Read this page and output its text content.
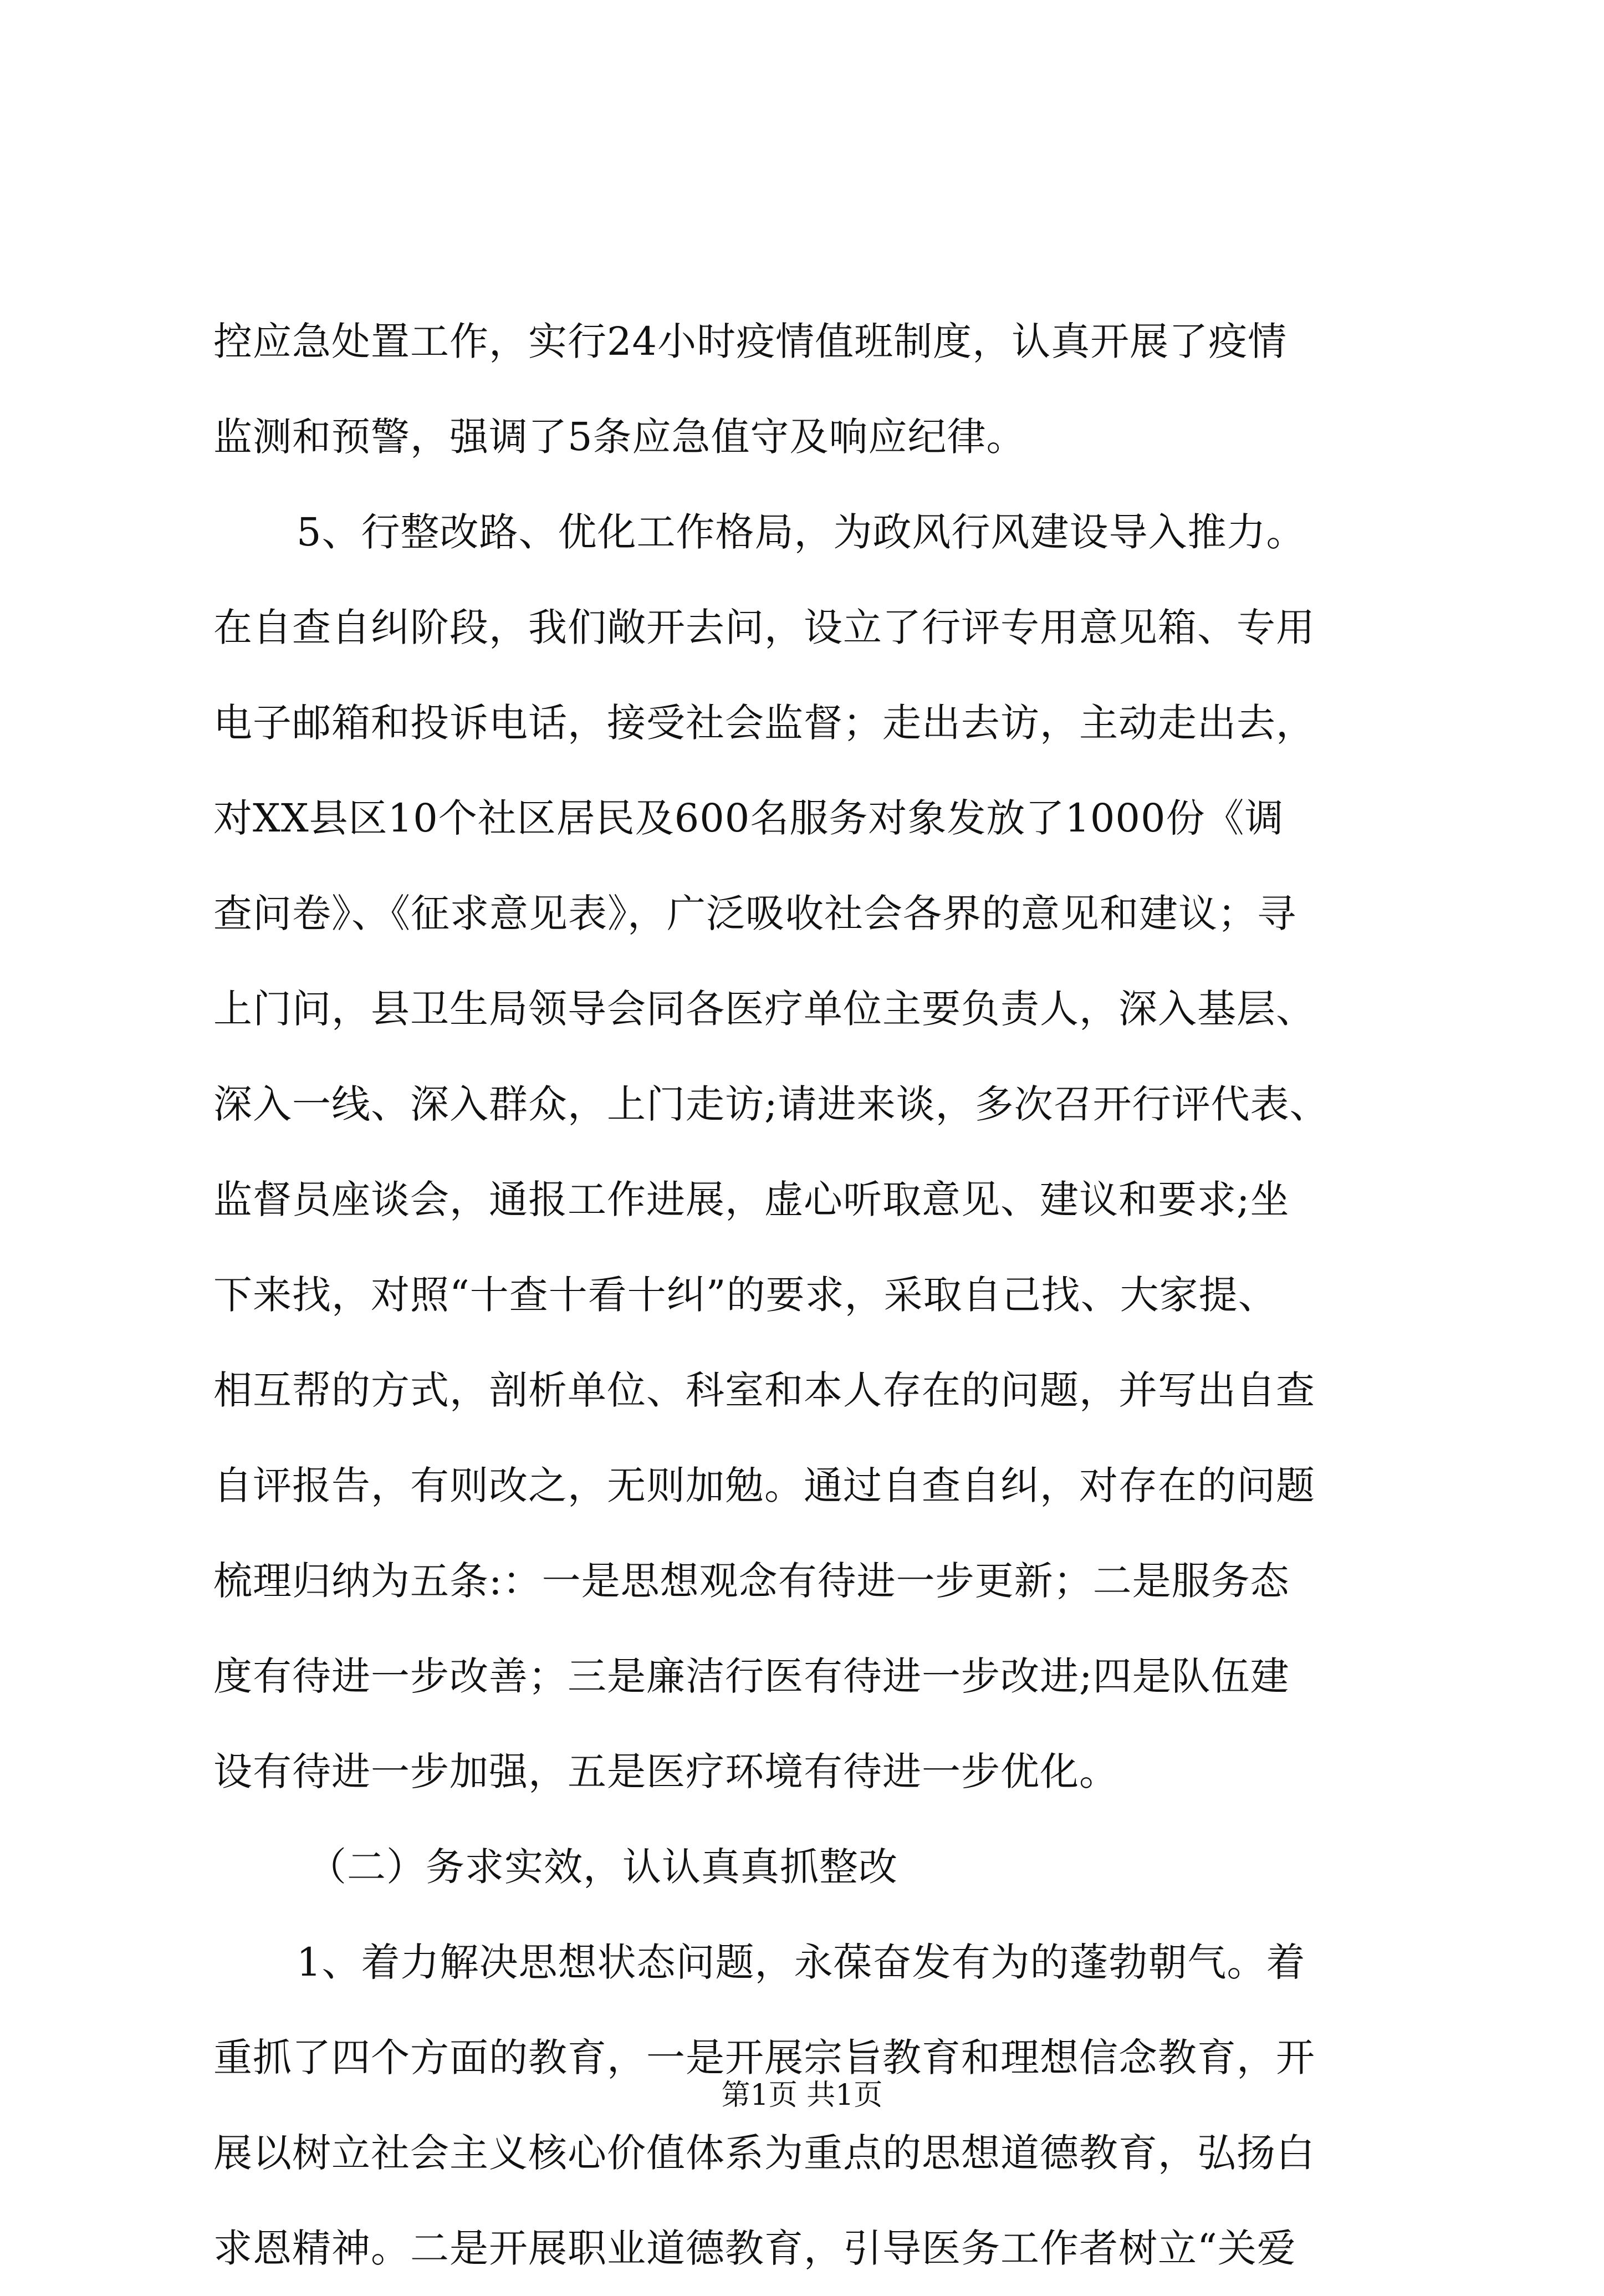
控应急处置工作，实行24小时疫情值班制度，认真开展了疫情
监测和预警，强调了5条应急值守及响应纪律。
5、行整改路、优化工作格局，为政风行风建设导入推力。
在自查自纠阶段，我们敞开去问，设立了行评专用意见箱、专用
电子邮箱和投诉电话，接受社会监督；走出去访，主动走出去，
对XX县区10个社区居民及600名服务对象发放了1000份《调
查问卷》、《征求意见表》，广泛吸收社会各界的意见和建议；寻
上门问，县卫生局领导会同各医疗单位主要负责人，深入基层、
深入一线、深入群众，上门走访;请进来谈，多次召开行评代表、
监督员座谈会，通报工作进展，虚心听取意见、建议和要求;坐
下来找，对照“十查十看十纠”的要求，采取自己找、大家提、
相互帮的方式，剖析单位、科室和本人存在的问题，并写出自查
自评报告，有则改之，无则加勉。通过自查自纠，对存在的问题
梳理归纳为五条:：一是思想观念有待进一步更新；二是服务态
度有待进一步改善；三是廉洁行医有待进一步改进;四是队伍建
设有待进一步加强，五是医疗环境有待进一步优化。
（二）务求实效，认认真真抓整改
1、着力解决思想状态问题，永葆奋发有为的蓬勃朝气。着
重抓了四个方面的教育，一是开展宗旨教育和理想信念教育，开
展以树立社会主义核心价值体系为重点的思想道德教育，弘扬白
求恩精神。二是开展职业道德教育，引导医务工作者树立“关爱
第1页 共1页
